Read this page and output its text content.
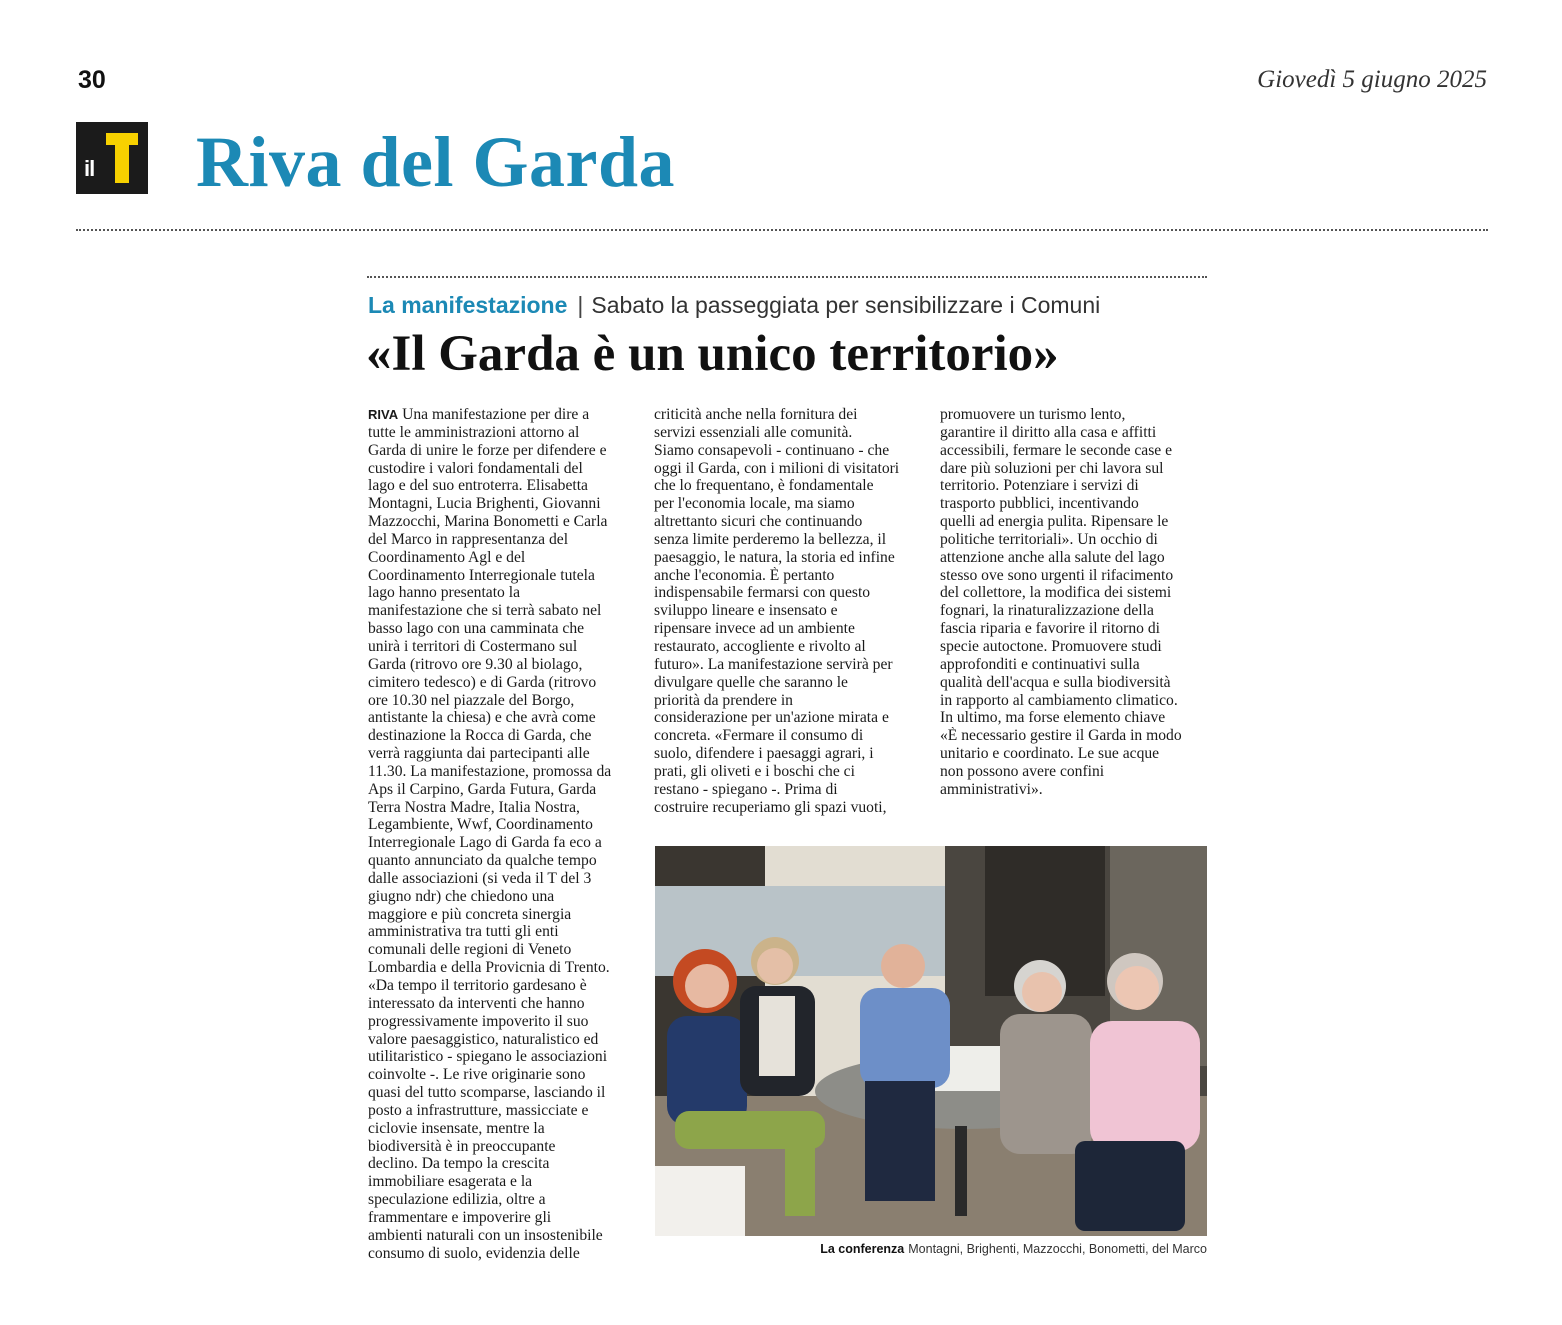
30	Giovedì 5 giugno 2025
il Riva del Garda
La manifestazione | Sabato la passeggiata per sensibilizzare i Comuni
«Il Garda è un unico territorio»
RIVA Una manifestazione per dire a
tutte le amministrazioni attorno al
Garda di unire le forze per difendere e
custodire i valori fondamentali del
lago e del suo entroterra. Elisabetta
Montagni, Lucia Brighenti, Giovanni
Mazzocchi, Marina Bonometti e Carla
del Marco in rappresentanza del
Coordinamento Agl e del
Coordinamento Interregionale tutela
lago hanno presentato la
manifestazione che si terrà sabato nel
basso lago con una camminata che
unirà i territori di Costermano sul
Garda (ritrovo ore 9.30 al biolago,
cimitero tedesco) e di Garda (ritrovo
ore 10.30 nel piazzale del Borgo,
antistante la chiesa) e che avrà come
destinazione la Rocca di Garda, che
verrà raggiunta dai partecipanti alle
11.30. La manifestazione, promossa da
Aps il Carpino, Garda Futura, Garda
Terra Nostra Madre, Italia Nostra,
Legambiente, Wwf, Coordinamento
Interregionale Lago di Garda fa eco a
quanto annunciato da qualche tempo
dalle associazioni (si veda il T del 3
giugno ndr) che chiedono una
maggiore e più concreta sinergia
amministrativa tra tutti gli enti
comunali delle regioni di Veneto
Lombardia e della Provicnia di Trento.
«Da tempo il territorio gardesano è
interessato da interventi che hanno
progressivamente impoverito il suo
valore paesaggistico, naturalistico ed
utilitaristico - spiegano le associazioni
coinvolte -. Le rive originarie sono
quasi del tutto scomparse, lasciando il
posto a infrastrutture, massicciate e
ciclovie insensate, mentre la
biodiversità è in preoccupante
declino. Da tempo la crescita
immobiliare esagerata e la
speculazione edilizia, oltre a
frammentare e impoverire gli
ambienti naturali con un insostenibile
consumo di suolo, evidenzia delle
criticità anche nella fornitura dei
servizi essenziali alle comunità.
Siamo consapevoli - continuano - che
oggi il Garda, con i milioni di visitatori
che lo frequentano, è fondamentale
per l'economia locale, ma siamo
altrettanto sicuri che continuando
senza limite perderemo la bellezza, il
paesaggio, le natura, la storia ed infine
anche l'economia. È pertanto
indispensabile fermarsi con questo
sviluppo lineare e insensato e
ripensare invece ad un ambiente
restaurato, accogliente e rivolto al
futuro». La manifestazione servirà per
divulgare quelle che saranno le
priorità da prendere in
considerazione per un'azione mirata e
concreta. «Fermare il consumo di
suolo, difendere i paesaggi agrari, i
prati, gli oliveti e i boschi che ci
restano - spiegano -. Prima di
costruire recuperiamo gli spazi vuoti,
promuovere un turismo lento,
garantire il diritto alla casa e affitti
accessibili, fermare le seconde case e
dare più soluzioni per chi lavora sul
territorio. Potenziare i servizi di
trasporto pubblici, incentivando
quelli ad energia pulita. Ripensare le
politiche territoriali». Un occhio di
attenzione anche alla salute del lago
stesso ove sono urgenti il rifacimento
del collettore, la modifica dei sistemi
fognari, la rinaturalizzazione della
fascia riparia e favorire il ritorno di
specie autoctone. Promuovere studi
approfonditi e continuativi sulla
qualità dell'acqua e sulla biodiversità
in rapporto al cambiamento climatico.
In ultimo, ma forse elemento chiave
«È necessario gestire il Garda in modo
unitario e coordinato. Le sue acque
non possono avere confini
amministrativi».
La conferenza Montagni, Brighenti, Mazzocchi, Bonometti, del Marco
